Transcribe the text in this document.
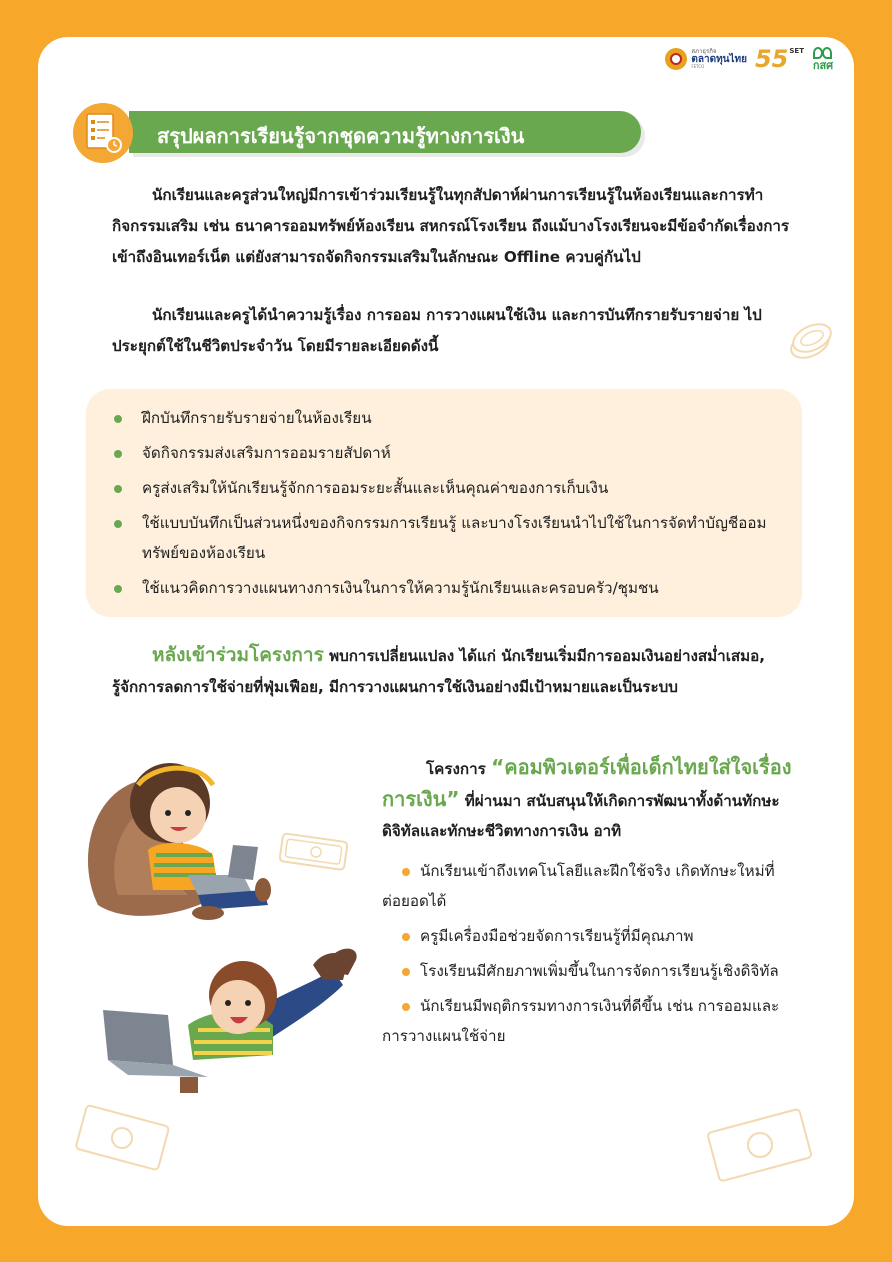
สภาธุรกิจ
ตลาดทุนไทย
FETCO	55 SET
กสศ
สรุปผลการเรียนรู้จากชุดความรู้ทางการเงิน
นักเรียนและครูส่วนใหญ่มีการเข้าร่วมเรียนรู้ในทุกสัปดาห์ผ่านการเรียนรู้ในห้องเรียนและการทำกิจกรรมเสริม เช่น ธนาคารออมทรัพย์ห้องเรียน สหกรณ์โรงเรียน ถึงแม้บางโรงเรียนจะมีข้อจำกัดเรื่องการเข้าถึงอินเทอร์เน็ต แต่ยังสามารถจัดกิจกรรมเสริมในลักษณะ Offline ควบคู่กันไป
นักเรียนและครูได้นำความรู้เรื่อง การออม การวางแผนใช้เงิน และการบันทึกรายรับรายจ่าย ไปประยุกต์ใช้ในชีวิตประจำวัน โดยมีรายละเอียดดังนี้
ฝึกบันทึกรายรับรายจ่ายในห้องเรียน
จัดกิจกรรมส่งเสริมการออมรายสัปดาห์
ครูส่งเสริมให้นักเรียนรู้จักการออมระยะสั้นและเห็นคุณค่าของการเก็บเงิน
ใช้แบบบันทึกเป็นส่วนหนึ่งของกิจกรรมการเรียนรู้ และบางโรงเรียนนำไปใช้ในการจัดทำบัญชีออมทรัพย์ของห้องเรียน
ใช้แนวคิดการวางแผนทางการเงินในการให้ความรู้นักเรียนและครอบครัว/ชุมชน
หลังเข้าร่วมโครงการ พบการเปลี่ยนแปลง ได้แก่ นักเรียนเริ่มมีการออมเงินอย่างสม่ำเสมอ, รู้จักการลดการใช้จ่ายที่ฟุ่มเฟือย, มีการวางแผนการใช้เงินอย่างมีเป้าหมายและเป็นระบบ
โครงการ “คอมพิวเตอร์เพื่อเด็กไทยใส่ใจเรื่องการเงิน” ที่ผ่านมา สนับสนุนให้เกิดการพัฒนาทั้งด้านทักษะดิจิทัลและทักษะชีวิตทางการเงิน อาทิ
นักเรียนเข้าถึงเทคโนโลยีและฝึกใช้จริง เกิดทักษะใหม่ที่ต่อยอดได้
ครูมีเครื่องมือช่วยจัดการเรียนรู้ที่มีคุณภาพ
โรงเรียนมีศักยภาพเพิ่มขึ้นในการจัดการเรียนรู้เชิงดิจิทัล
นักเรียนมีพฤติกรรมทางการเงินที่ดีขึ้น เช่น การออมและการวางแผนใช้จ่าย
